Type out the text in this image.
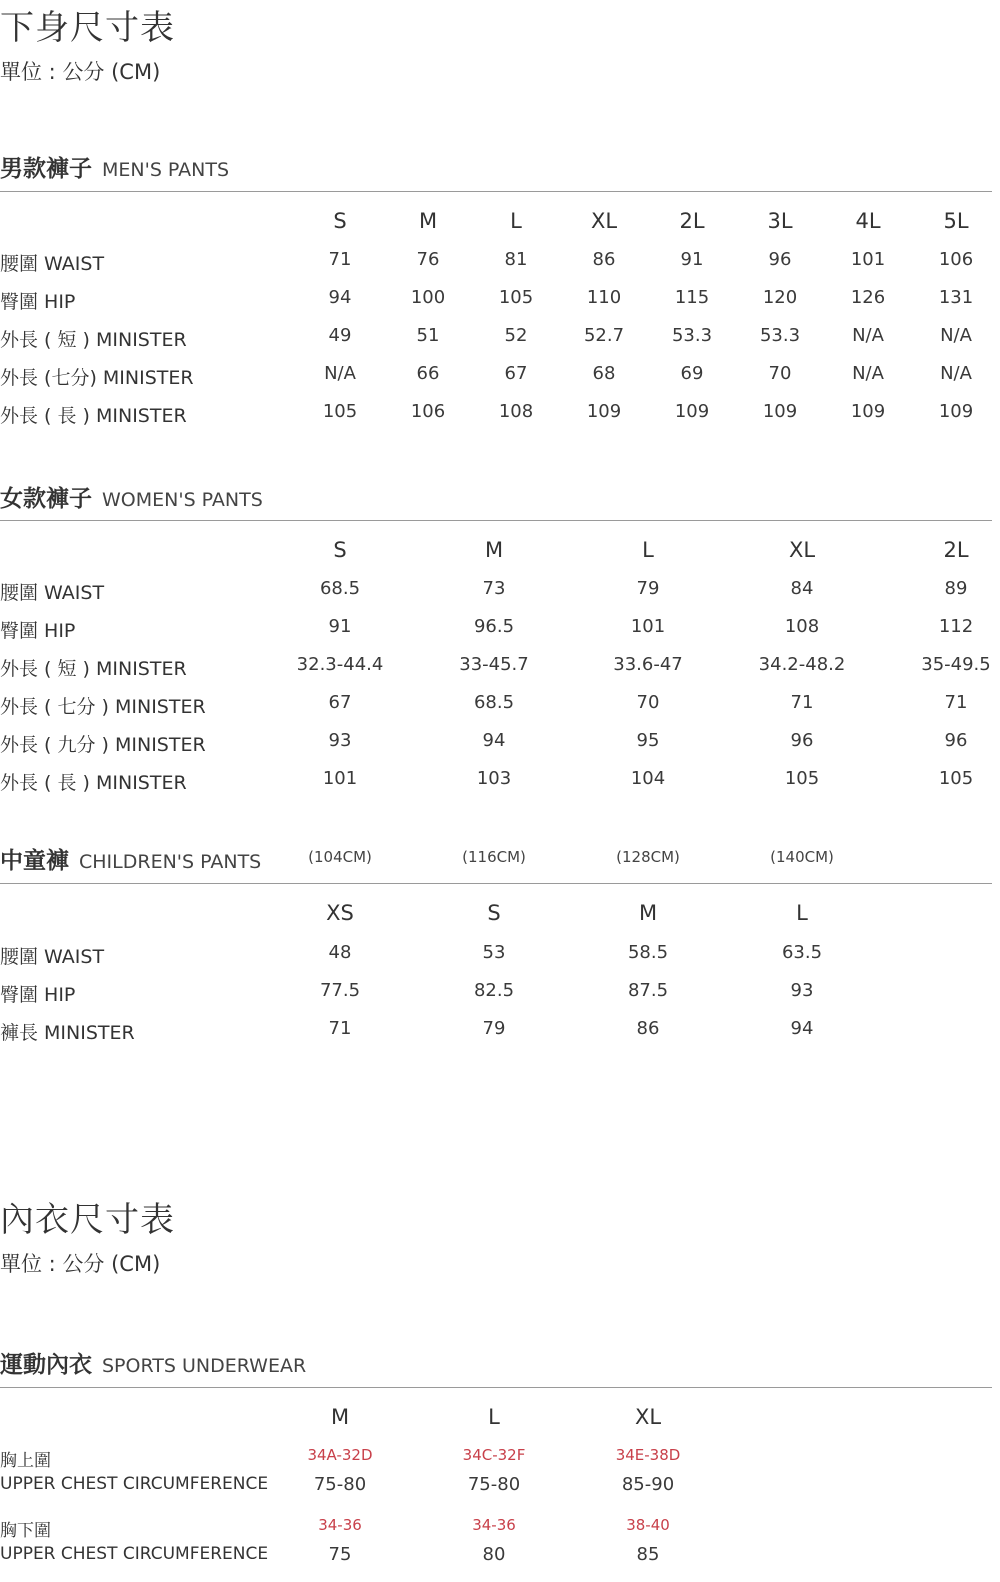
下身尺寸表
單位 : 公分 (CM)
男款褲子 MEN'S PANTS
S	M	L	XL	2L	3L	4L	5L
腰圍 WAIST	71	76	81	86	91	96	101	106
臀圍 HIP	94	100	105	110	115	120	126	131
外長 ( 短 ) MINISTER	49	51	52	52.7	53.3	53.3	N/A	N/A
外長 (七分) MINISTER	N/A	66	67	68	69	70	N/A	N/A
外長 ( 長 ) MINISTER	105	106	108	109	109	109	109	109
女款褲子 WOMEN'S PANTS
S	M	L	XL	2L
腰圍 WAIST	68.5	73	79	84	89
臀圍 HIP	91	96.5	101	108	112
外長 ( 短 ) MINISTER	32.3-44.4	33-45.7	33.6-47	34.2-48.2	35-49.5
外長 ( 七分 ) MINISTER	67	68.5	70	71	71
外長 ( 九分 ) MINISTER	93	94	95	96	96
外長 ( 長 ) MINISTER	101	103	104	105	105
中童褲 CHILDREN'S PANTS	(104CM)	(116CM)	(128CM)	(140CM)
XS	S	M	L
腰圍 WAIST	48	53	58.5	63.5
臀圍 HIP	77.5	82.5	87.5	93
褲長 MINISTER	71	79	86	94
內衣尺寸表
單位 : 公分 (CM)
運動內衣 SPORTS UNDERWEAR
M	L	XL
胸上圍
UPPER CHEST CIRCUMFERENCE
34A-32D	34C-32F	34E-38D
75-80	75-80	85-90
胸下圍
UPPER CHEST CIRCUMFERENCE
34-36	34-36	38-40
75	80	85
